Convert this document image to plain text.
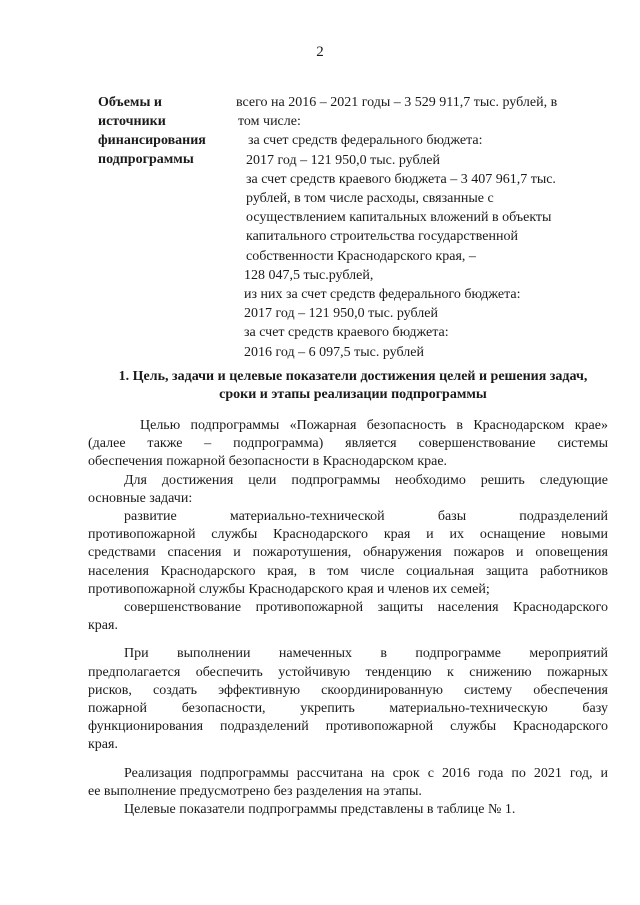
2
Объемы и
источники
финансирования
подпрограммы
всего на 2016 – 2021 годы – 3 529 911,7 тыс. рублей, в
том числе:
за счет средств федерального бюджета:
2017 год – 121 950,0 тыс. рублей
за счет средств краевого бюджета – 3 407 961,7 тыс.
рублей, в том числе расходы, связанные с
осуществлением капитальных вложений в объекты
капитального строительства государственной
собственности Краснодарского края, –
128 047,5 тыс.рублей,
из них за счет средств федерального бюджета:
2017 год – 121 950,0 тыс. рублей
за счет средств краевого бюджета:
2016 год – 6 097,5 тыс. рублей
1. Цель, задачи и целевые показатели достижения целей и решения задач,
сроки и этапы реализации подпрограммы

Целью подпрограммы «Пожарная безопасность в Краснодарском крае»

(далее также – подпрограмма) является совершенствование системы

обеспечения пожарной безопасности в Краснодарском крае.

Для достижения цели подпрограммы необходимо решить следующие

основные задачи:

развитие материально-технической базы подразделений

противопожарной службы Краснодарского края и их оснащение новыми

средствами спасения и пожаротушения, обнаружения пожаров и оповещения

населения Краснодарского края, в том числе социальная защита работников

противопожарной службы Краснодарского края и членов их семей;

совершенствование противопожарной защиты населения Краснодарского

края.

При выполнении намеченных в подпрограмме мероприятий

предполагается обеспечить устойчивую тенденцию к снижению пожарных

рисков, создать эффективную скоординированную систему обеспечения

пожарной безопасности, укрепить материально-техническую базу

функционирования подразделений противопожарной службы Краснодарского

края.

Реализация подпрограммы рассчитана на срок с 2016 года по 2021 год, и

ее выполнение предусмотрено без разделения на этапы.

Целевые показатели подпрограммы представлены в таблице № 1.
